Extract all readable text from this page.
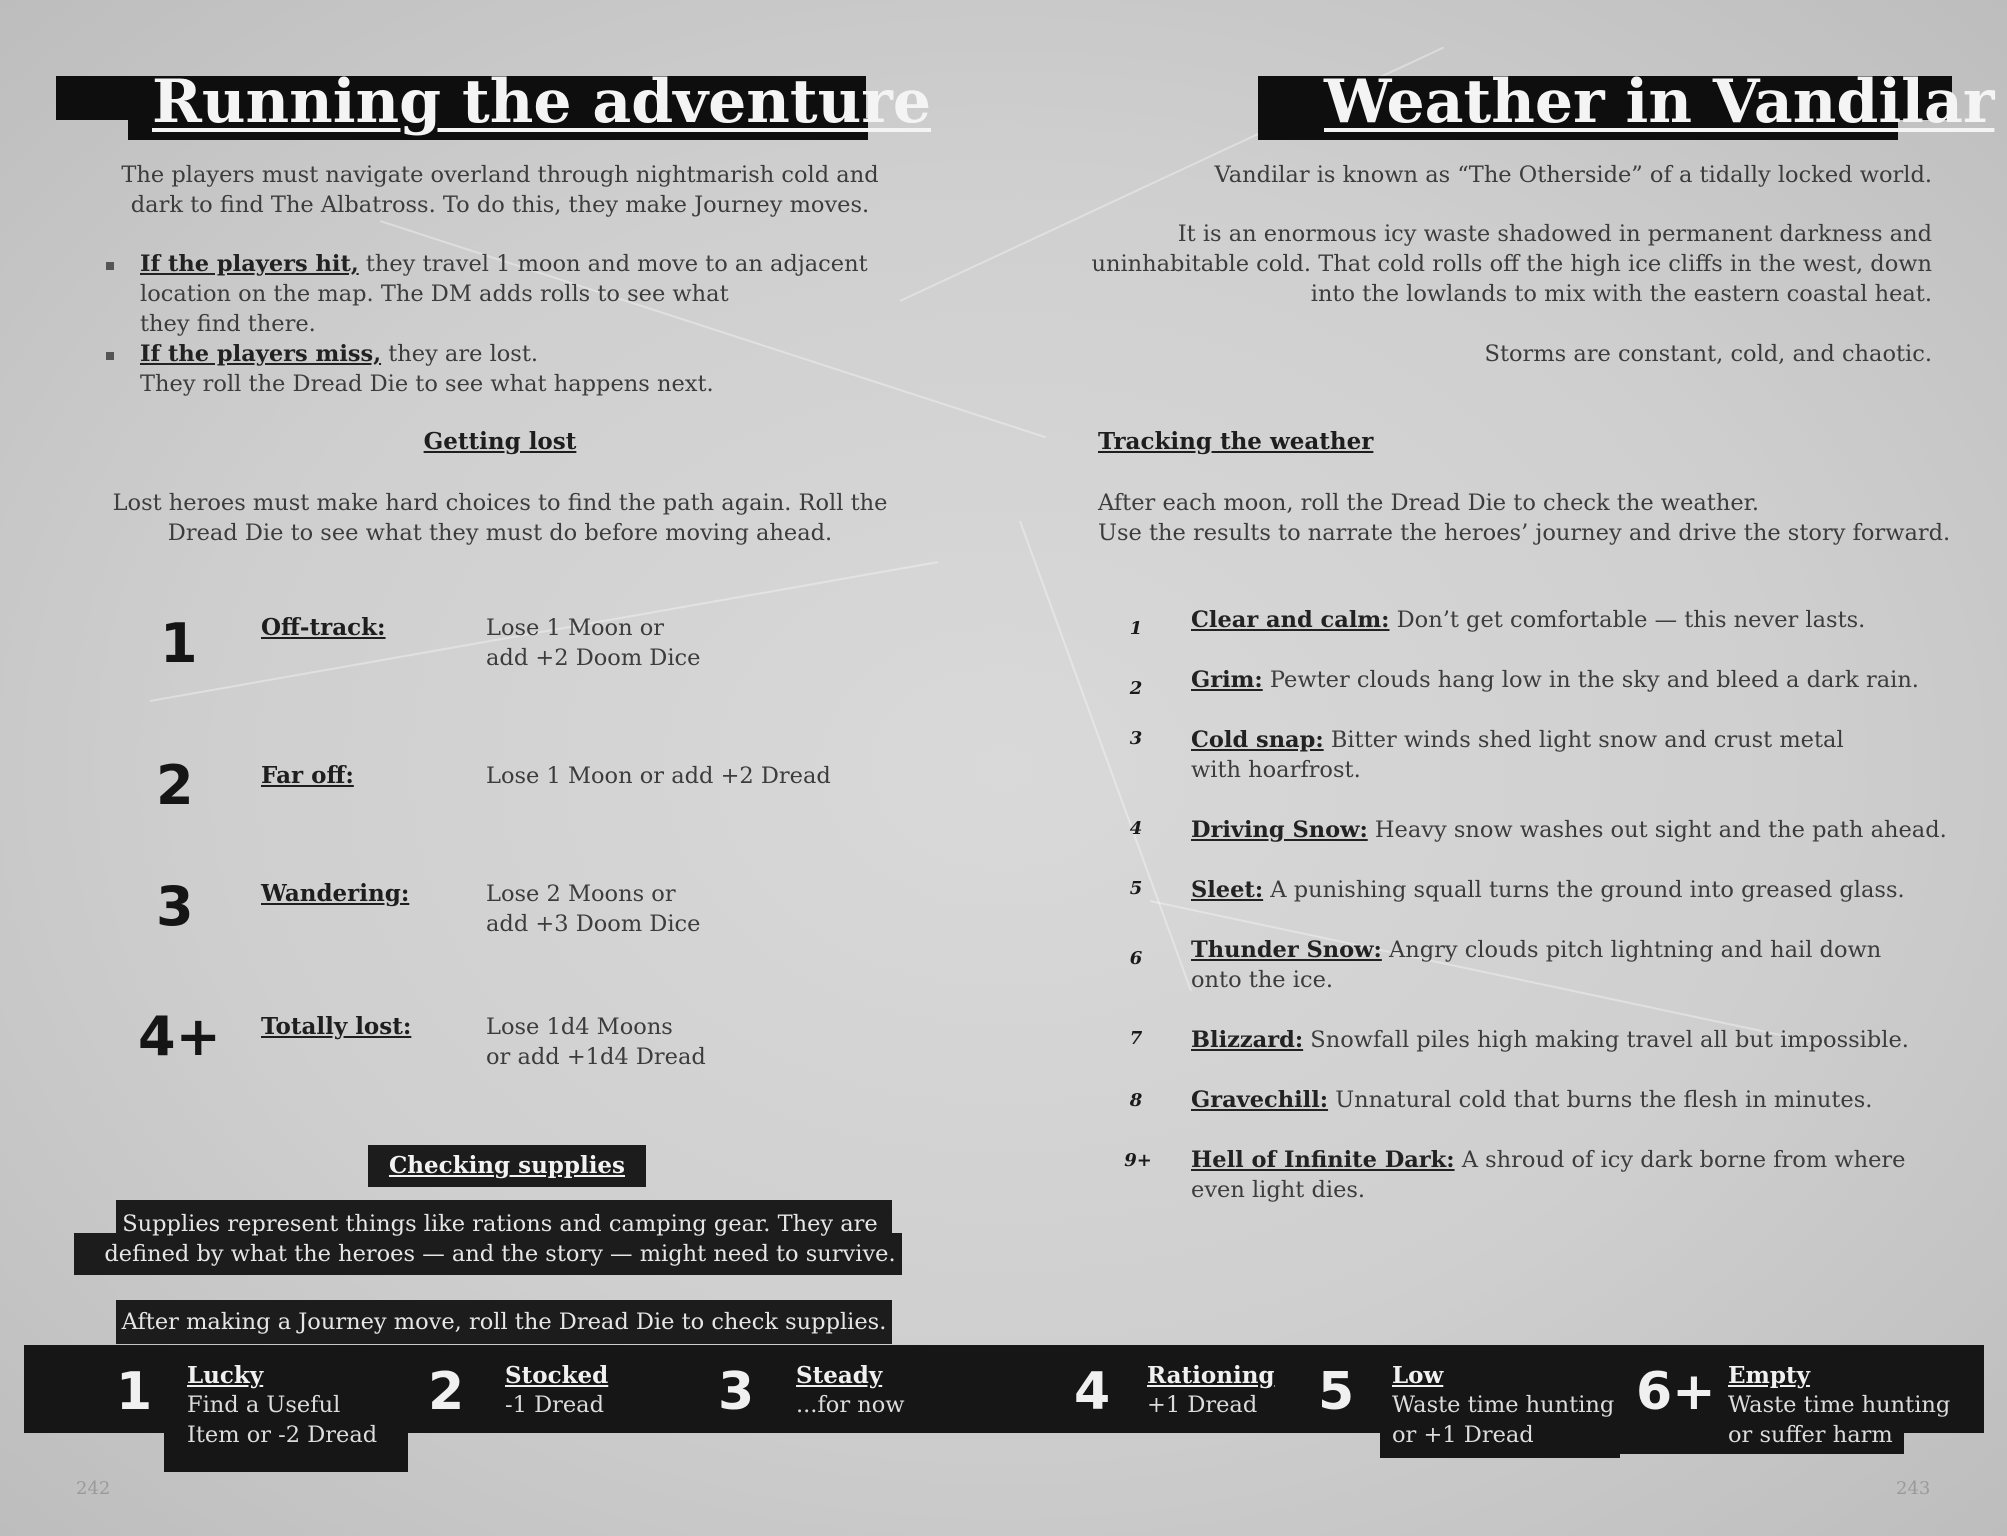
Running the adventure
The players must navigate overland through nightmarish cold and
dark to find The Albatross. To do this, they make Journey moves.
If the players hit, they travel 1 moon and move to an adjacent
location on the map. The DM adds rolls to see what
they find there.
If the players miss, they are lost.
They roll the Dread Die to see what happens next.
Getting lost
Lost heroes must make hard choices to find the path again. Roll the
Dread Die to see what they must do before moving ahead.
1	Off-track:	Lose 1 Moon or
add +2 Doom Dice
2	Far off:	Lose 1 Moon or add +2 Dread
3	Wandering:	Lose 2 Moons or
add +3 Doom Dice
4+ Totally lost:	Lose 1d4 Moons
or add +1d4 Dread
Checking supplies
Supplies represent things like rations and camping gear. They are
defined by what the heroes — and the story — might need to survive.
After making a Journey move, roll the Dread Die to check supplies.
Weather in Vandilar
Vandilar is known as “The Otherside” of a tidally locked world.
It is an enormous icy waste shadowed in permanent darkness and
uninhabitable cold. That cold rolls off the high ice cliffs in the west, down
into the lowlands to mix with the eastern coastal heat.
Storms are constant, cold, and chaotic.
Tracking the weather
After each moon, roll the Dread Die to check the weather.
Use the results to narrate the heroes’ journey and drive the story forward.
1	Clear and calm: Don’t get comfortable — this never lasts.
2	Grim: Pewter clouds hang low in the sky and bleed a dark rain.
3	Cold snap: Bitter winds shed light snow and crust metal
with hoarfrost.
4	Driving Snow: Heavy snow washes out sight and the path ahead.
5	Sleet: A punishing squall turns the ground into greased glass.
6	Thunder Snow: Angry clouds pitch lightning and hail down
onto the ice.
7	Blizzard: Snowfall piles high making travel all but impossible.
8	Gravechill: Unnatural cold that burns the flesh in minutes.
9+ Hell of Infinite Dark: A shroud of icy dark borne from where
even light dies.
1 Lucky
Find a Useful
Item or -2 Dread
2 Stocked
-1 Dread	3 Steady
...for now	4 Rationing
+1 Dread	5 Low
Waste time hunting
or +1 Dread
6+ Empty
Waste time hunting
or suffer harm
242	243
